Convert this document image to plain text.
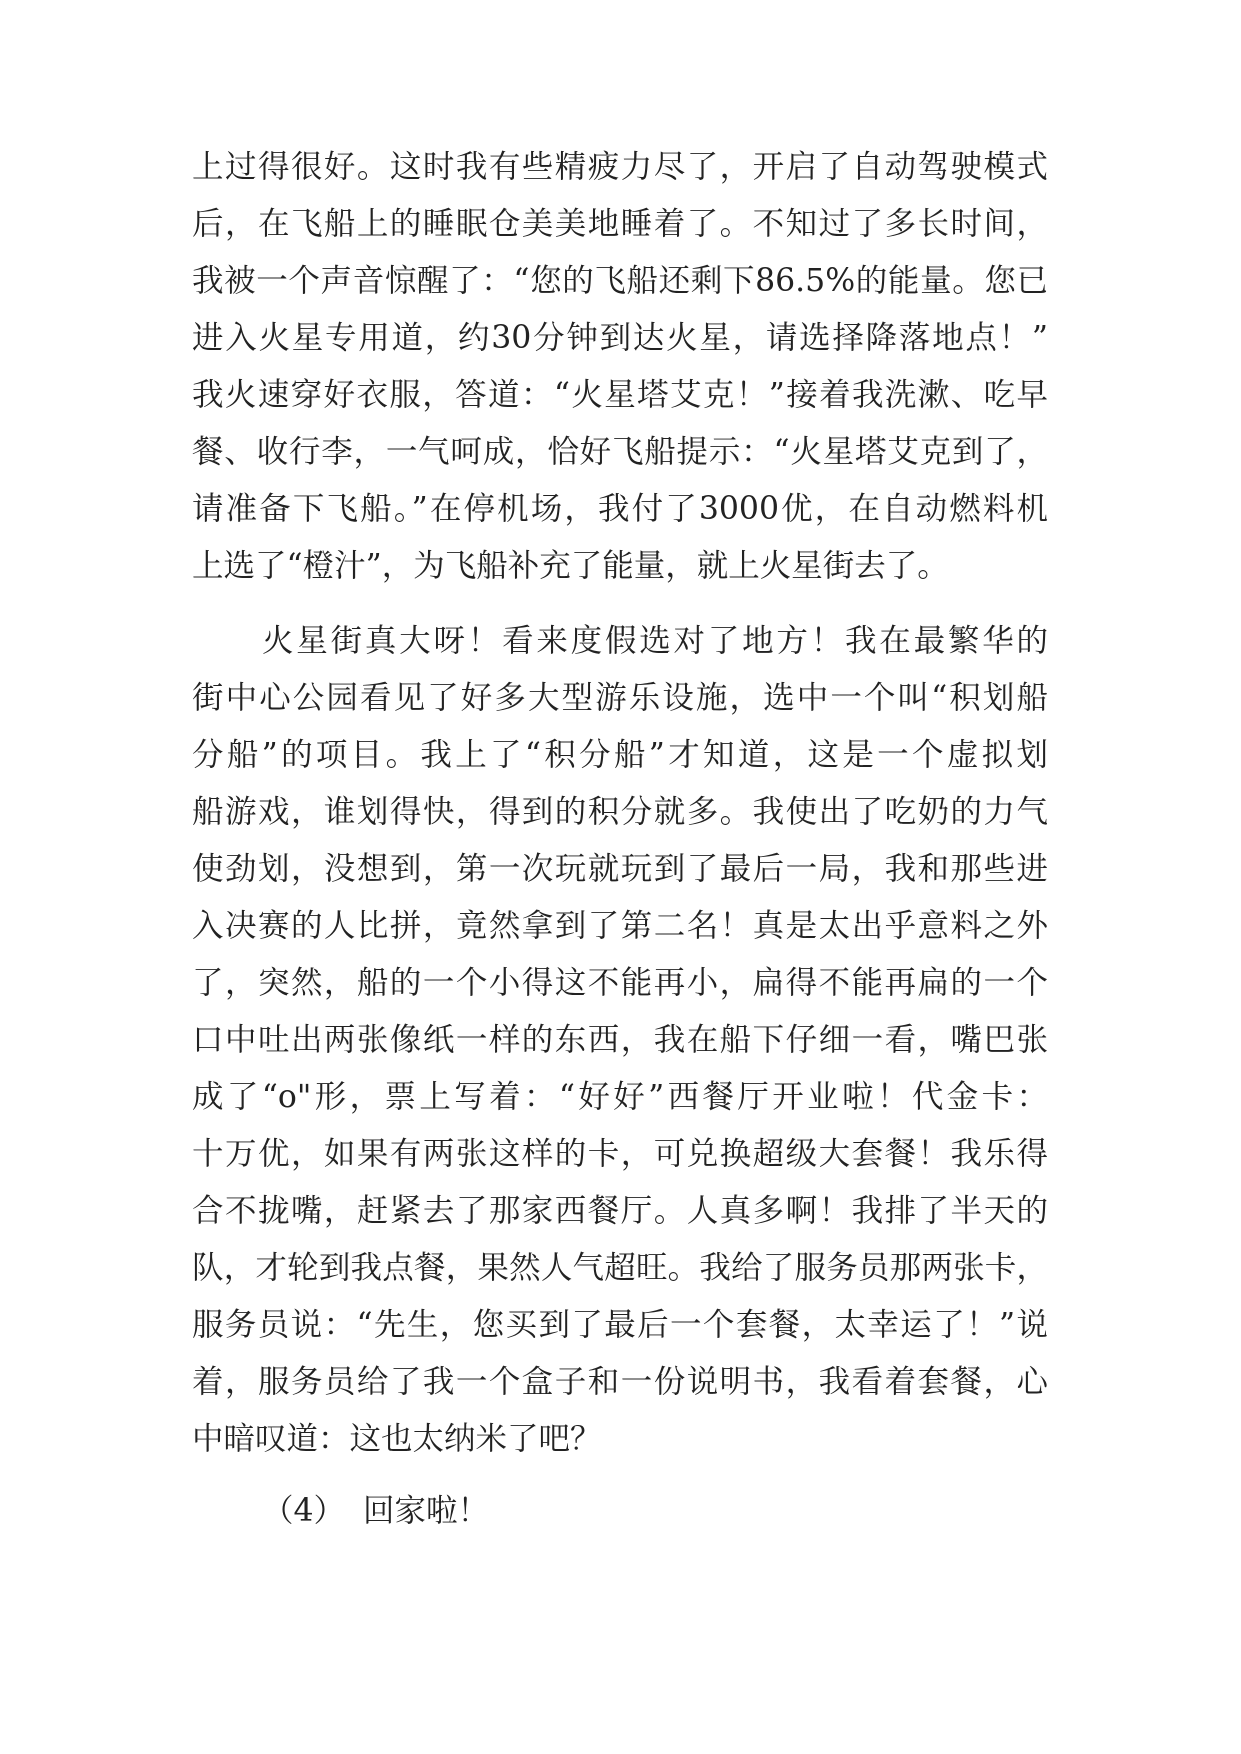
上过得很好。这时我有些精疲力尽了，开启了自动驾驶模式
后，在飞船上的睡眠仓美美地睡着了。不知过了多长时间，
我被一个声音惊醒了：“您的飞船还剩下86.5%的能量。您已
进入火星专用道，约30分钟到达火星，请选择降落地点！”
我火速穿好衣服，答道：“火星塔艾克！”接着我洗漱、吃早
餐、收行李，一气呵成，恰好飞船提示：“火星塔艾克到了，
请准备下飞船。”在停机场，我付了3000优，在自动燃料机
上选了“橙汁”，为飞船补充了能量，就上火星街去了。
火星街真大呀！看来度假选对了地方！我在最繁华的
街中心公园看见了好多大型游乐设施，选中一个叫“积划船
分船”的项目。我上了“积分船”才知道，这是一个虚拟划
船游戏，谁划得快，得到的积分就多。我使出了吃奶的力气
使劲划，没想到，第一次玩就玩到了最后一局，我和那些进
入决赛的人比拼，竟然拿到了第二名！真是太出乎意料之外
了，突然，船的一个小得这不能再小，扁得不能再扁的一个
口中吐出两张像纸一样的东西，我在船下仔细一看，嘴巴张
成了“o"形，票上写着：“好好”西餐厅开业啦！代金卡：
十万优，如果有两张这样的卡，可兑换超级大套餐！我乐得
合不拢嘴，赶紧去了那家西餐厅。人真多啊！我排了半天的
队，才轮到我点餐，果然人气超旺。我给了服务员那两张卡，
服务员说：“先生，您买到了最后一个套餐，太幸运了！”说
着，服务员给了我一个盒子和一份说明书，我看着套餐，心
中暗叹道：这也太纳米了吧？
（4） 回家啦！
